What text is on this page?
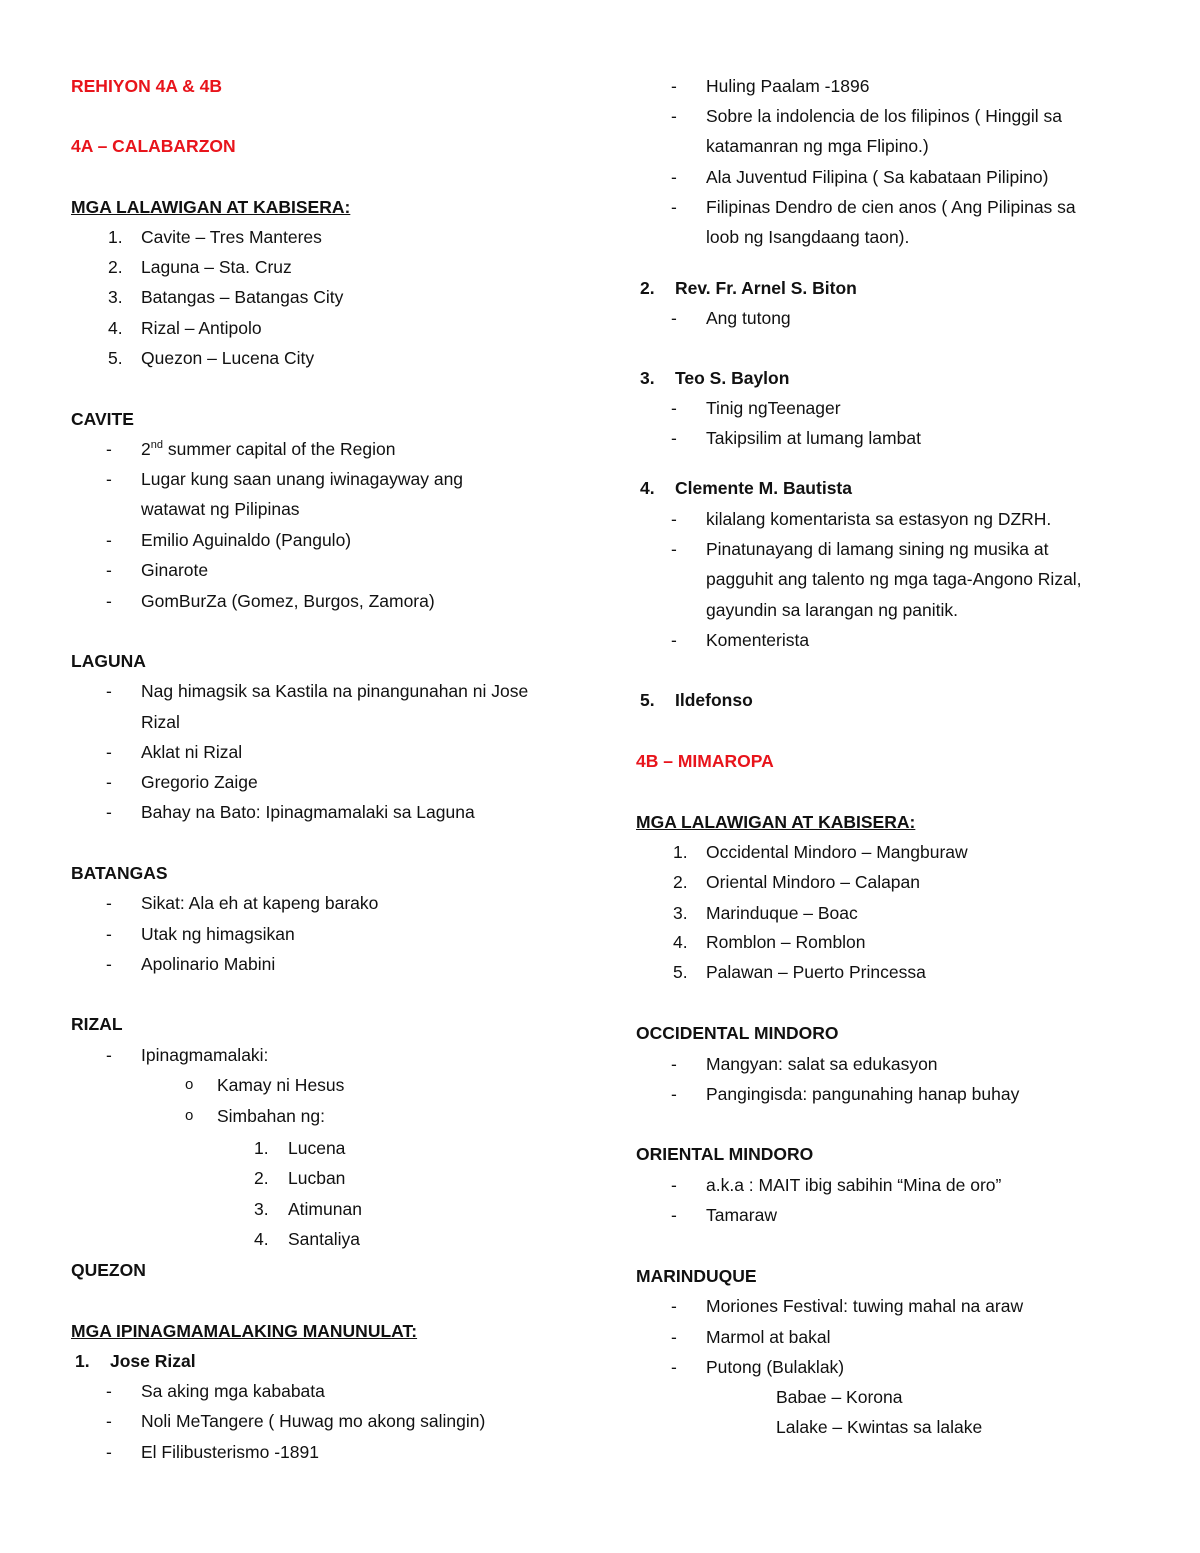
REHIYON 4A & 4B
4A – CALABARZON
MGA LALAWIGAN AT KABISERA:
1. Cavite – Tres Manteres
2. Laguna – Sta. Cruz
3. Batangas – Batangas City
4. Rizal – Antipolo
5. Quezon – Lucena City
CAVITE
- 2nd summer capital of the Region
- Lugar kung saan unang iwinagayway ang
watawat ng Pilipinas
- Emilio Aguinaldo (Pangulo)
- Ginarote
- GomBurZa (Gomez, Burgos, Zamora)
LAGUNA
- Nag himagsik sa Kastila na pinangunahan ni Jose
Rizal
- Aklat ni Rizal
- Gregorio Zaige
- Bahay na Bato: Ipinagmamalaki sa Laguna
BATANGAS
- Sikat: Ala eh at kapeng barako
- Utak ng himagsikan
- Apolinario Mabini
RIZAL
- Ipinagmamalaki:
o Kamay ni Hesus
o Simbahan ng:
1. Lucena
2. Lucban
3. Atimunan
4. Santaliya
QUEZON
MGA IPINAGMAMALAKING MANUNULAT:
1. Jose Rizal
- Sa aking mga kababata
- Noli MeTangere ( Huwag mo akong salingin)
- El Filibusterismo -1891
- Huling Paalam -1896
- Sobre la indolencia de los filipinos ( Hinggil sa
katamanran ng mga Flipino.)
- Ala Juventud Filipina ( Sa kabataan Pilipino)
- Filipinas Dendro de cien anos ( Ang Pilipinas sa
loob ng Isangdaang taon).
2. Rev. Fr. Arnel S. Biton
- Ang tutong
3. Teo S. Baylon
- Tinig ngTeenager
- Takipsilim at lumang lambat
4. Clemente M. Bautista
- kilalang komentarista sa estasyon ng DZRH.
- Pinatunayang di lamang sining ng musika at
pagguhit ang talento ng mga taga-Angono Rizal,
gayundin sa larangan ng panitik.
- Komenterista
5. Ildefonso
4B – MIMAROPA
MGA LALAWIGAN AT KABISERA:
1. Occidental Mindoro – Mangburaw
2. Oriental Mindoro – Calapan
3. Marinduque – Boac
4. Romblon – Romblon
5. Palawan – Puerto Princessa
OCCIDENTAL MINDORO
- Mangyan: salat sa edukasyon
- Pangingisda: pangunahing hanap buhay
ORIENTAL MINDORO
- a.k.a : MAIT ibig sabihin “Mina de oro”
- Tamaraw
MARINDUQUE
- Moriones Festival: tuwing mahal na araw
- Marmol at bakal
- Putong (Bulaklak)
Babae – Korona
Lalake – Kwintas sa lalake
